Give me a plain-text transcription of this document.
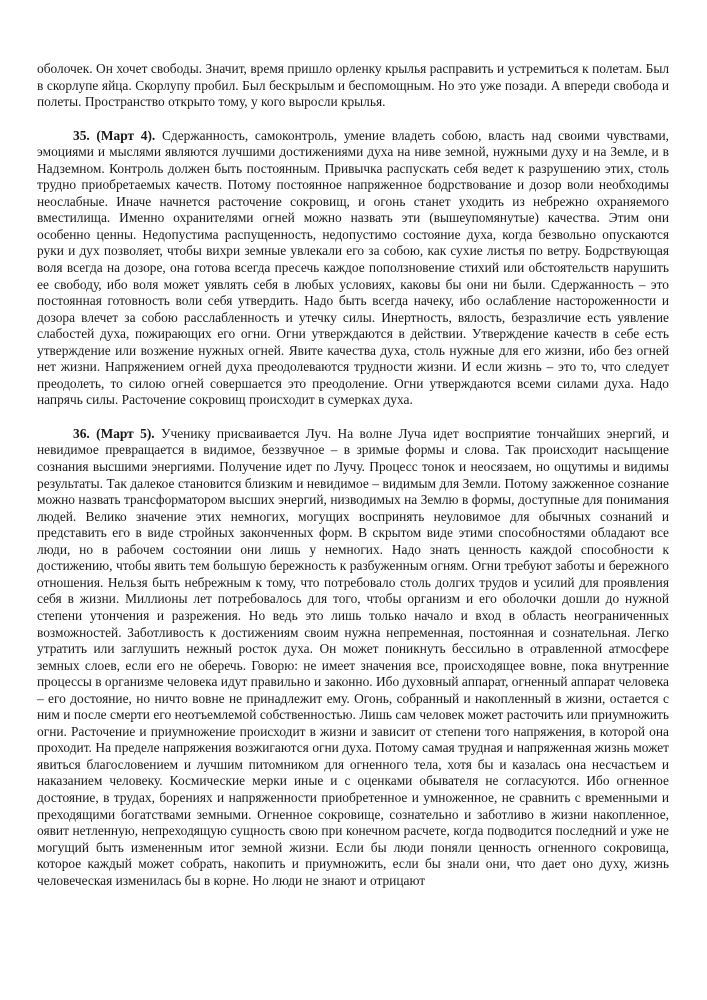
оболочек. Он хочет свободы. Значит, время пришло орленку крылья расправить и устремиться к полетам. Был в скорлупе яйца. Скорлупу пробил. Был бескрылым и беспомощным. Но это уже позади. А впереди свобода и полеты. Пространство открыто тому, у кого выросли крылья.

35. (Март 4). Сдержанность, самоконтроль, умение владеть собою, власть над своими чувствами, эмоциями и мыслями являются лучшими достижениями духа на ниве земной, нужными духу и на Земле, и в Надземном. Контроль должен быть постоянным. Привычка распускать себя ведет к разрушению этих, столь трудно приобретаемых качеств. Потому постоянное напряженное бодрствование и дозор воли необходимы неослабные. Иначе начнется расточение сокровищ, и огонь станет уходить из небрежно охраняемого вместилища. Именно охранителями огней можно назвать эти (вышеупомянутые) качества. Этим они особенно ценны. Недопустима распущенность, недопустимо состояние духа, когда безвольно опускаются руки и дух позволяет, чтобы вихри земные увлекали его за собою, как сухие листья по ветру. Бодрствующая воля всегда на дозоре, она готова всегда пресечь каждое поползновение стихий или обстоятельств нарушить ее свободу, ибо воля может уявлять себя в любых условиях, каковы бы они ни были. Сдержанность – это постоянная готовность воли себя утвердить. Надо быть всегда начеку, ибо ослабление настороженности и дозора влечет за собою расслабленность и утечку силы. Инертность, вялость, безразличие есть уявление слабостей духа, пожирающих его огни. Огни утверждаются в действии. Утверждение качеств в себе есть утверждение или возжение нужных огней. Явите качества духа, столь нужные для его жизни, ибо без огней нет жизни. Напряжением огней духа преодолеваются трудности жизни. И если жизнь – это то, что следует преодолеть, то силою огней совершается это преодоление. Огни утверждаются всеми силами духа. Надо напрячь силы. Расточение сокровищ происходит в сумерках духа.

36. (Март 5). Ученику присваивается Луч. На волне Луча идет восприятие тончайших энергий, и невидимое превращается в видимое, беззвучное – в зримые формы и слова. Так происходит насыщение сознания высшими энергиями. Получение идет по Лучу. Процесс тонок и неосязаем, но ощутимы и видимы результаты. Так далекое становится близким и невидимое – видимым для Земли. Потому зажженное сознание можно назвать трансформатором высших энергий, низводимых на Землю в формы, доступные для понимания людей. Велико значение этих немногих, могущих воспринять неуловимое для обычных сознаний и представить его в виде стройных законченных форм. В скрытом виде этими способностями обладают все люди, но в рабочем состоянии они лишь у немногих. Надо знать ценность каждой способности к достижению, чтобы явить тем большую бережность к разбуженным огням. Огни требуют заботы и бережного отношения. Нельзя быть небрежным к тому, что потребовало столь долгих трудов и усилий для проявления себя в жизни. Миллионы лет потребовалось для того, чтобы организм и его оболочки дошли до нужной степени утончения и разрежения. Но ведь это лишь только начало и вход в область неограниченных возможностей. Заботливость к достижениям своим нужна непременная, постоянная и сознательная. Легко утратить или заглушить нежный росток духа. Он может поникнуть бессильно в отравленной атмосфере земных слоев, если его не оберечь. Говорю: не имеет значения все, происходящее вовне, пока внутренние процессы в организме человека идут правильно и законно. Ибо духовный аппарат, огненный аппарат человека – его достояние, но ничто вовне не принадлежит ему. Огонь, собранный и накопленный в жизни, остается с ним и после смерти его неотъемлемой собственностью. Лишь сам человек может расточить или приумножить огни. Расточение и приумножение происходит в жизни и зависит от степени того напряжения, в которой она проходит. На пределе напряжения возжигаются огни духа. Потому самая трудная и напряженная жизнь может явиться благословением и лучшим питомником для огненного тела, хотя бы и казалась она несчастьем и наказанием человеку. Космические мерки иные и с оценками обывателя не согласуются. Ибо огненное достояние, в трудах, борениях и напряженности приобретенное и умноженное, не сравнить с временными и преходящими богатствами земными. Огненное сокровище, сознательно и заботливо в жизни накопленное, оявит нетленную, непреходящую сущность свою при конечном расчете, когда подводится последний и уже не могущий быть измененным итог земной жизни. Если бы люди поняли ценность огненного сокровища, которое каждый может собрать, накопить и приумножить, если бы знали они, что дает оно духу, жизнь человеческая изменилась бы в корне. Но люди не знают и отрицают
